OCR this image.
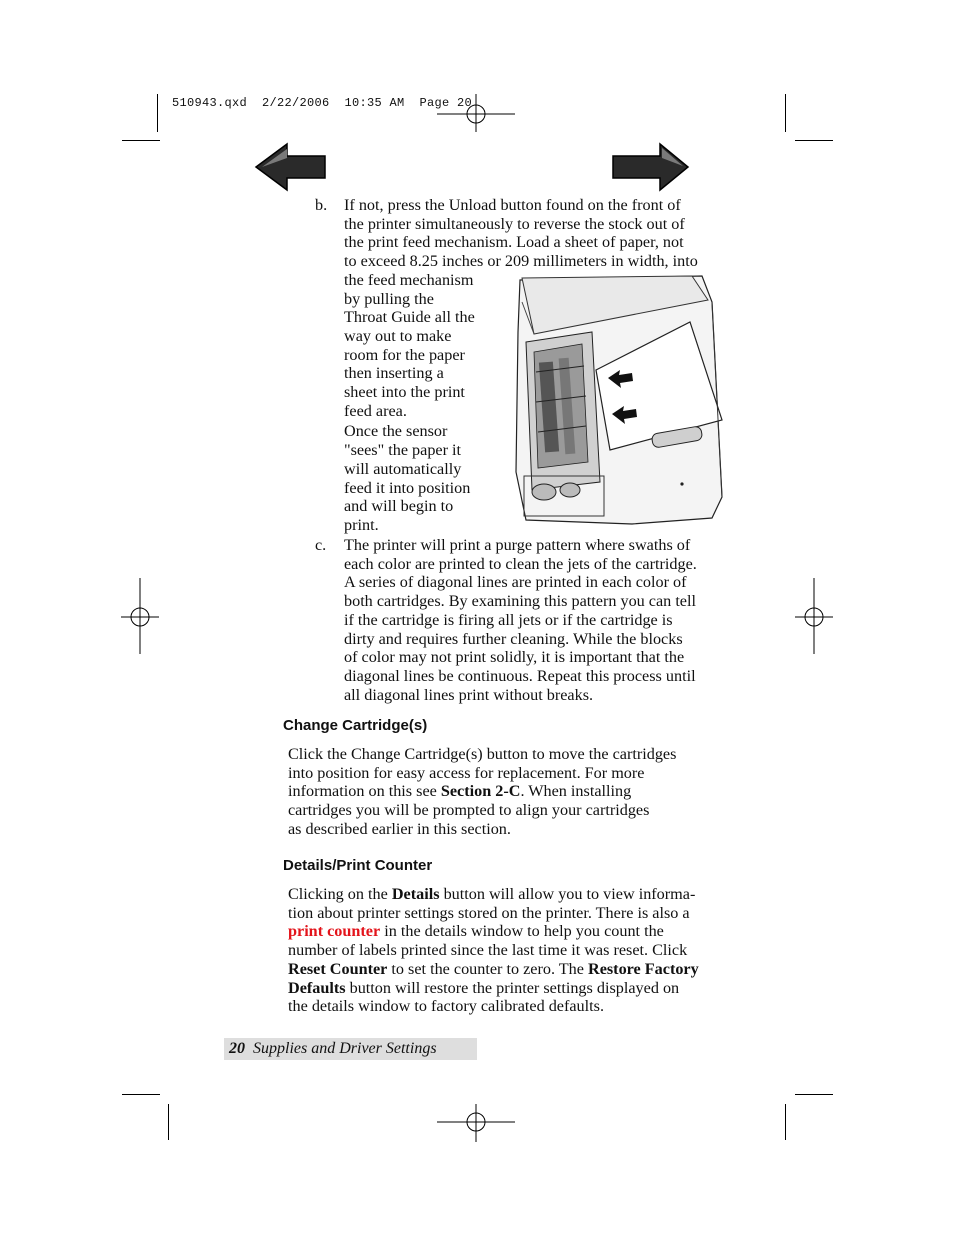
510943.qxd  2/22/2006  10:35 AM  Page 20
b. If not, press the Unload button found on the front of
the printer simultaneously to reverse the stock out of
the print feed mechanism. Load a sheet of paper, not
to exceed 8.25 inches or 209 millimeters in width, into
the feed mechanism
by pulling the
Throat Guide all the
way out to make
room for the paper
then inserting a
sheet into the print
feed area.
Once the sensor
"sees" the paper it
will automatically
feed it into position
and will begin to
print.
c. The printer will print a purge pattern where swaths of
each color are printed to clean the jets of the cartridge.
A series of diagonal lines are printed in each color of
both cartridges. By examining this pattern you can tell
if the cartridge is firing all jets or if the cartridge is
dirty and requires further cleaning. While the blocks
of color may not print solidly, it is important that the
diagonal lines be continuous. Repeat this process until
all diagonal lines print without breaks.
Change Cartridge(s)
Click the Change Cartridge(s) button to move the cartridges
into position for easy access for replacement. For more
information on this see Section 2-C. When installing
cartridges you will be prompted to align your cartridges
as described earlier in this section.
Details/Print Counter
Clicking on the Details button will allow you to view informa-
tion about printer settings stored on the printer. There is also a
print counter in the details window to help you count the
number of labels printed since the last time it was reset. Click
Reset Counter to set the counter to zero. The Restore Factory
Defaults button will restore the printer settings displayed on
the details window to factory calibrated defaults.
20 Supplies and Driver Settings
